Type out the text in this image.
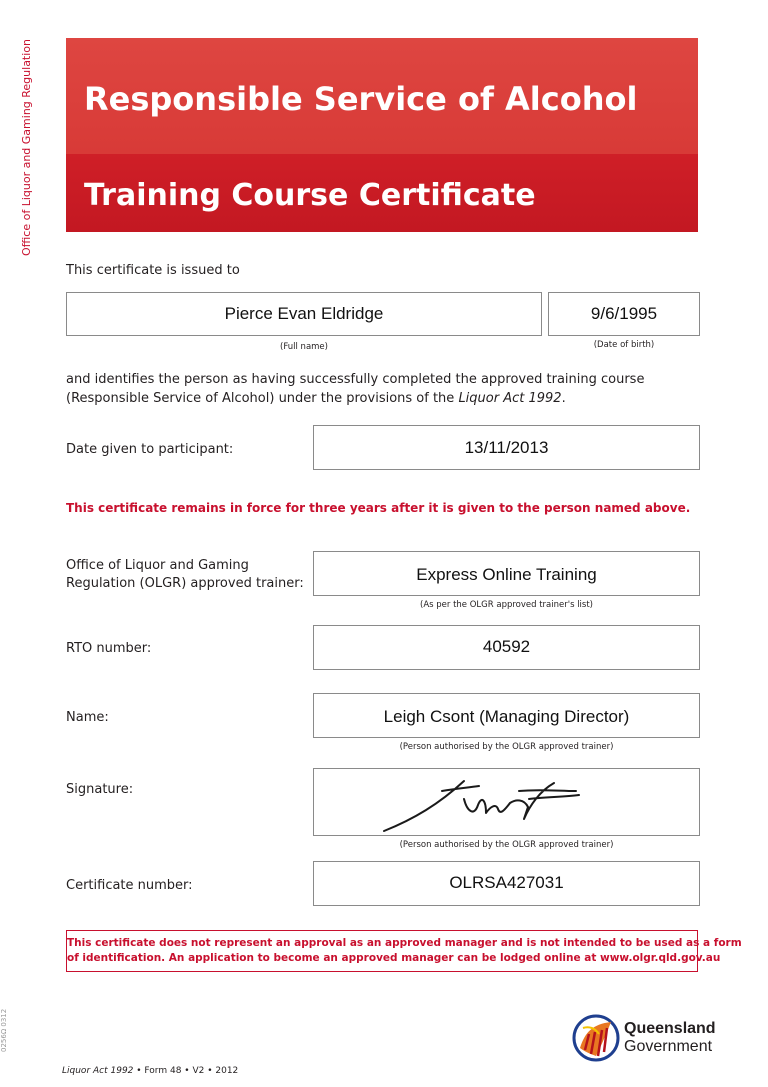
Office of Liquor and Gaming Regulation
0256Ω 0312
Responsible Service of Alcohol
Training Course Certificate
This certificate is issued to
Pierce Evan Eldridge
(Full name)
9/6/1995
(Date of birth)
and identifies the person as having successfully completed the approved training course
(Responsible Service of Alcohol) under the provisions of the Liquor Act 1992.
Date given to participant:	13/11/2013
This certificate remains in force for three years after it is given to the person named above.
Office of Liquor and Gaming
Regulation (OLGR) approved trainer:	Express Online Training
(As per the OLGR approved trainer's list)
RTO number:	40592
Name:	Leigh Csont (Managing Director)
(Person authorised by the OLGR approved trainer)
Signature:
(Person authorised by the OLGR approved trainer)
Certificate number:	OLRSA427031
This certificate does not represent an approval as an approved manager and is not intended to be used as a form
of identification. An application to become an approved manager can be lodged online at www.olgr.qld.gov.au
Queensland
Government
Liquor Act 1992 • Form 48 • V2 • 2012
